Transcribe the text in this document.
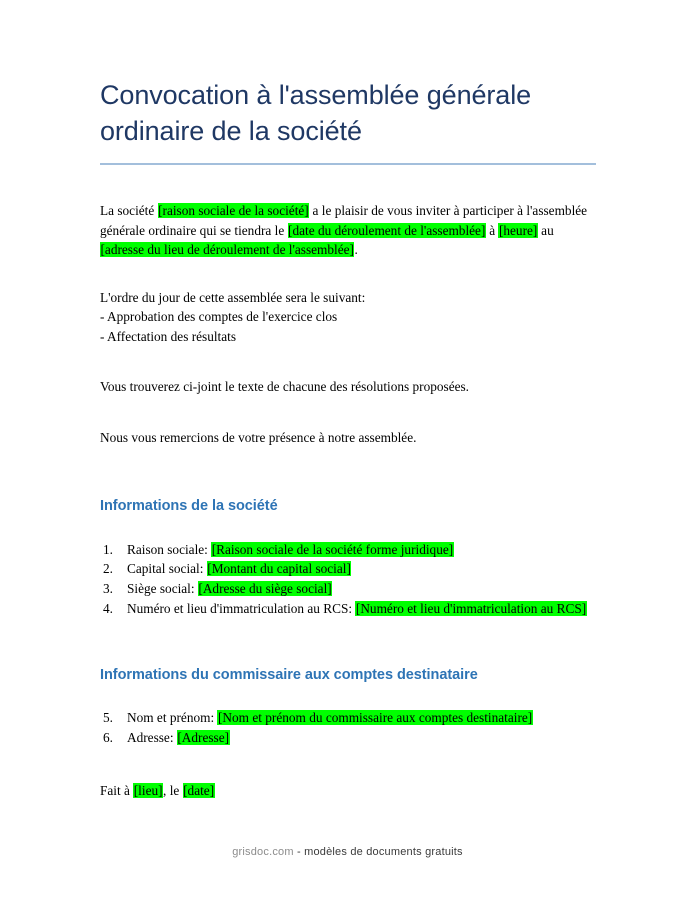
Convocation à l'assemblée générale
ordinaire de la société

La société [raison sociale de la société] a le plaisir de vous inviter à participer à l'assemblée générale ordinaire qui se tiendra le [date du déroulement de l'assemblée] à [heure] au [adresse du lieu de déroulement de l'assemblée].

L'ordre du jour de cette assemblée sera le suivant:
- Approbation des comptes de l'exercice clos
- Affectation des résultats

Vous trouverez ci-joint le texte de chacune des résolutions proposées.

Nous vous remercions de votre présence à notre assemblée.

Informations de la société
1.	Raison sociale: [Raison sociale de la société forme juridique]
2.	Capital social: [Montant du capital social]
3.	Siège social: [Adresse du siège social]
4.	Numéro et lieu d'immatriculation au RCS: [Numéro et lieu d'immatriculation au RCS]
Informations du commissaire aux comptes destinataire
5.	Nom et prénom: [Nom et prénom du commissaire aux comptes destinataire]
6.	Adresse: [Adresse]

Fait à [lieu], le [date]

grisdoc.com - modèles de documents gratuits
